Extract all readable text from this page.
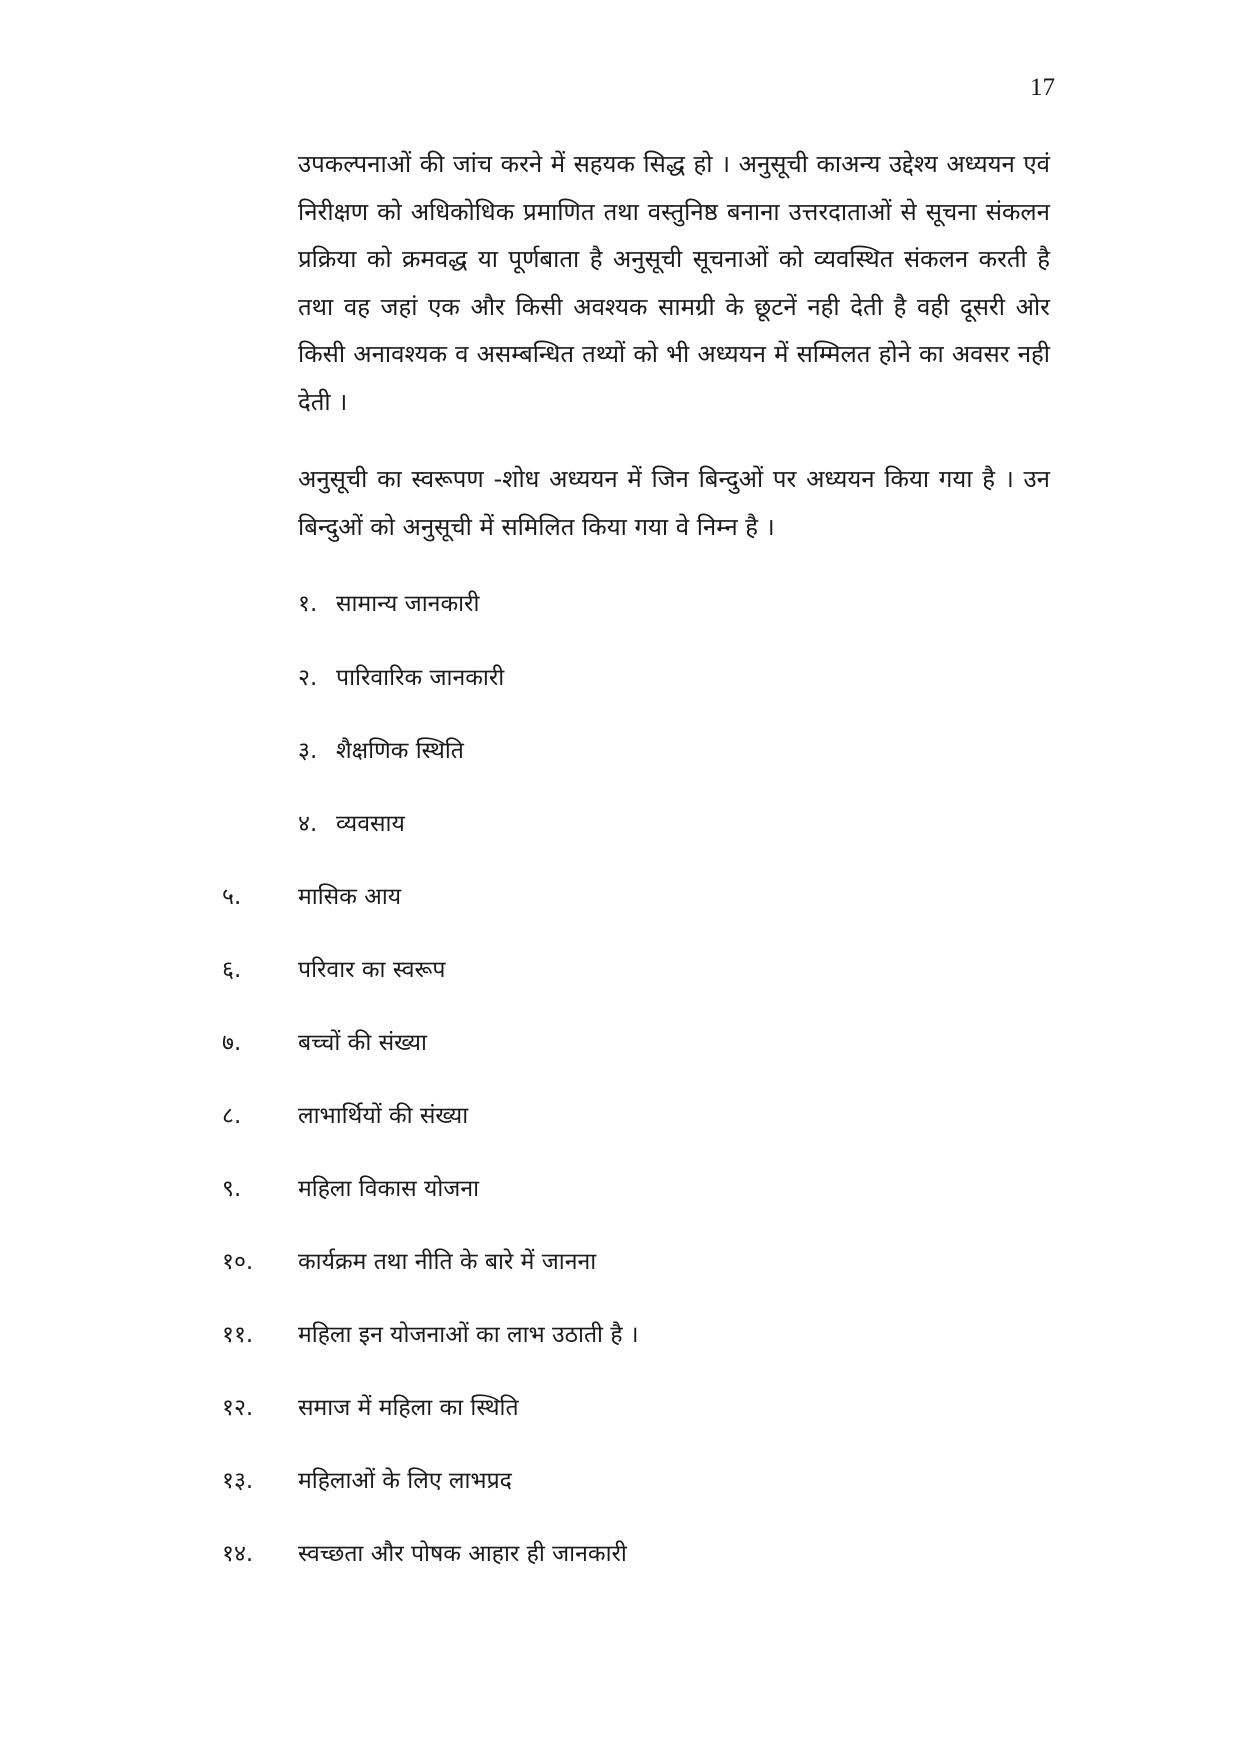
17

उपकल्पनाओं की जांच करने में सहयक सिद्ध हो । अनुसूची काअन्य उद्देश्य अध्ययन एवं निरीक्षण को अधिकोधिक प्रमाणित तथा वस्तुनिष्ठ बनाना उत्तरदाताओं से सूचना संकलन प्रक्रिया को क्रमवद्ध या पूर्णबाता है अनुसूची सूचनाओं को व्यवस्थित संकलन करती है तथा वह जहां एक और किसी अवश्यक सामग्री के छूटनें नही देती है वही दूसरी ओर किसी अनावश्यक व असम्बन्धित तथ्यों को भी अध्ययन में सम्मिलत होने का अवसर नही देती ।

अनुसूची का स्वरूपण -शोध अध्ययन में जिन बिन्दुओं पर अध्ययन किया गया है । उन बिन्दुओं को अनुसूची में समिलित किया गया वे निम्न है ।

१. सामान्य जानकारी
२. पारिवारिक जानकारी
३. शैक्षणिक स्थिति
४. व्यवसाय
५. मासिक आय
६. परिवार का स्वरूप
७. बच्चों की संख्या
८. लाभार्थियों की संख्या
९. महिला विकास योजना
१०. कार्यक्रम तथा नीति के बारे में जानना
११. महिला इन योजनाओं का लाभ उठाती है ।
१२. समाज में महिला का स्थिति
१३. महिलाओं के लिए लाभप्रद
१४. स्वच्छता और पोषक आहार ही जानकारी
